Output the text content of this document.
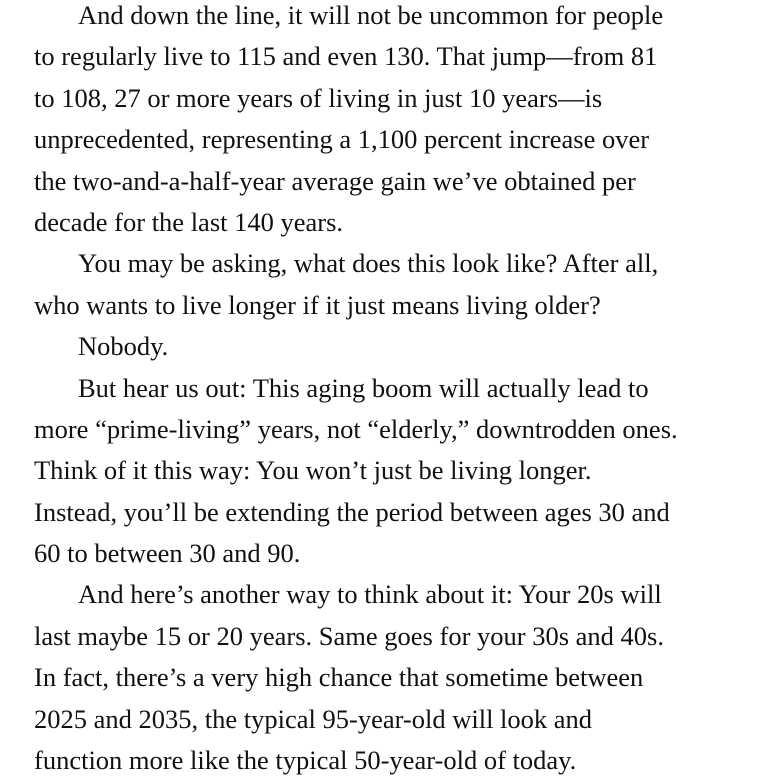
And down the line, it will not be uncommon for people
to regularly live to 115 and even 130. That jump—from 81
to 108, 27 or more years of living in just 10 years—is
unprecedented, representing a 1,100 percent increase over
the two-and-a-half-year average gain we’ve obtained per
decade for the last 140 years.
You may be asking, what does this look like? After all,
who wants to live longer if it just means living older?
Nobody.
But hear us out: This aging boom will actually lead to
more “prime-living” years, not “elderly,” downtrodden ones.
Think of it this way: You won’t just be living longer.
Instead, you’ll be extending the period between ages 30 and
60 to between 30 and 90.
And here’s another way to think about it: Your 20s will
last maybe 15 or 20 years. Same goes for your 30s and 40s.
In fact, there’s a very high chance that sometime between
2025 and 2035, the typical 95-year-old will look and
function more like the typical 50-year-old of today.
